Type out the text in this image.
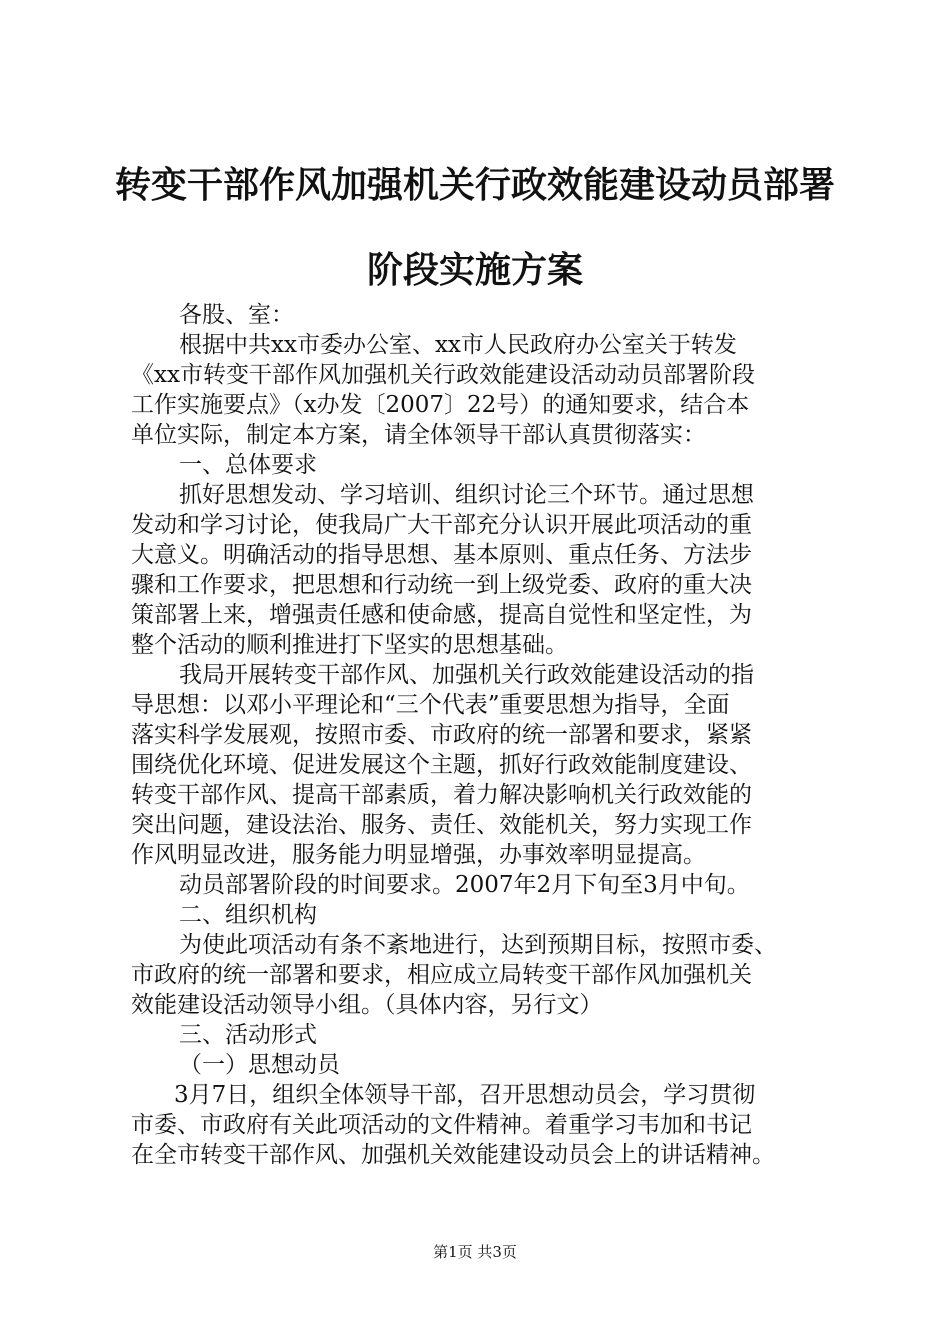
转变干部作风加强机关行政效能建设动员部署
阶段实施方案
各股、室：
根据中共xx市委办公室、xx市人民政府办公室关于转发
《xx市转变干部作风加强机关行政效能建设活动动员部署阶段
工作实施要点》（x办发〔2007〕22号）的通知要求，结合本
单位实际，制定本方案，请全体领导干部认真贯彻落实：
一、总体要求
抓好思想发动、学习培训、组织讨论三个环节。通过思想
发动和学习讨论，使我局广大干部充分认识开展此项活动的重
大意义。明确活动的指导思想、基本原则、重点任务、方法步
骤和工作要求，把思想和行动统一到上级党委、政府的重大决
策部署上来，增强责任感和使命感，提高自觉性和坚定性，为
整个活动的顺利推进打下坚实的思想基础。
我局开展转变干部作风、加强机关行政效能建设活动的指
导思想：以邓小平理论和“三个代表”重要思想为指导，全面
落实科学发展观，按照市委、市政府的统一部署和要求，紧紧
围绕优化环境、促进发展这个主题，抓好行政效能制度建设、
转变干部作风、提高干部素质，着力解决影响机关行政效能的
突出问题，建设法治、服务、责任、效能机关，努力实现工作
作风明显改进，服务能力明显增强，办事效率明显提高。
动员部署阶段的时间要求。2007年2月下旬至3月中旬。
二、组织机构
为使此项活动有条不紊地进行，达到预期目标，按照市委、
市政府的统一部署和要求，相应成立局转变干部作风加强机关
效能建设活动领导小组。（具体内容，另行文）
三、活动形式
（一）思想动员
3月7日，组织全体领导干部，召开思想动员会，学习贯彻
市委、市政府有关此项活动的文件精神。着重学习韦加和书记
在全市转变干部作风、加强机关效能建设动员会上的讲话精神。
第1页 共3页
